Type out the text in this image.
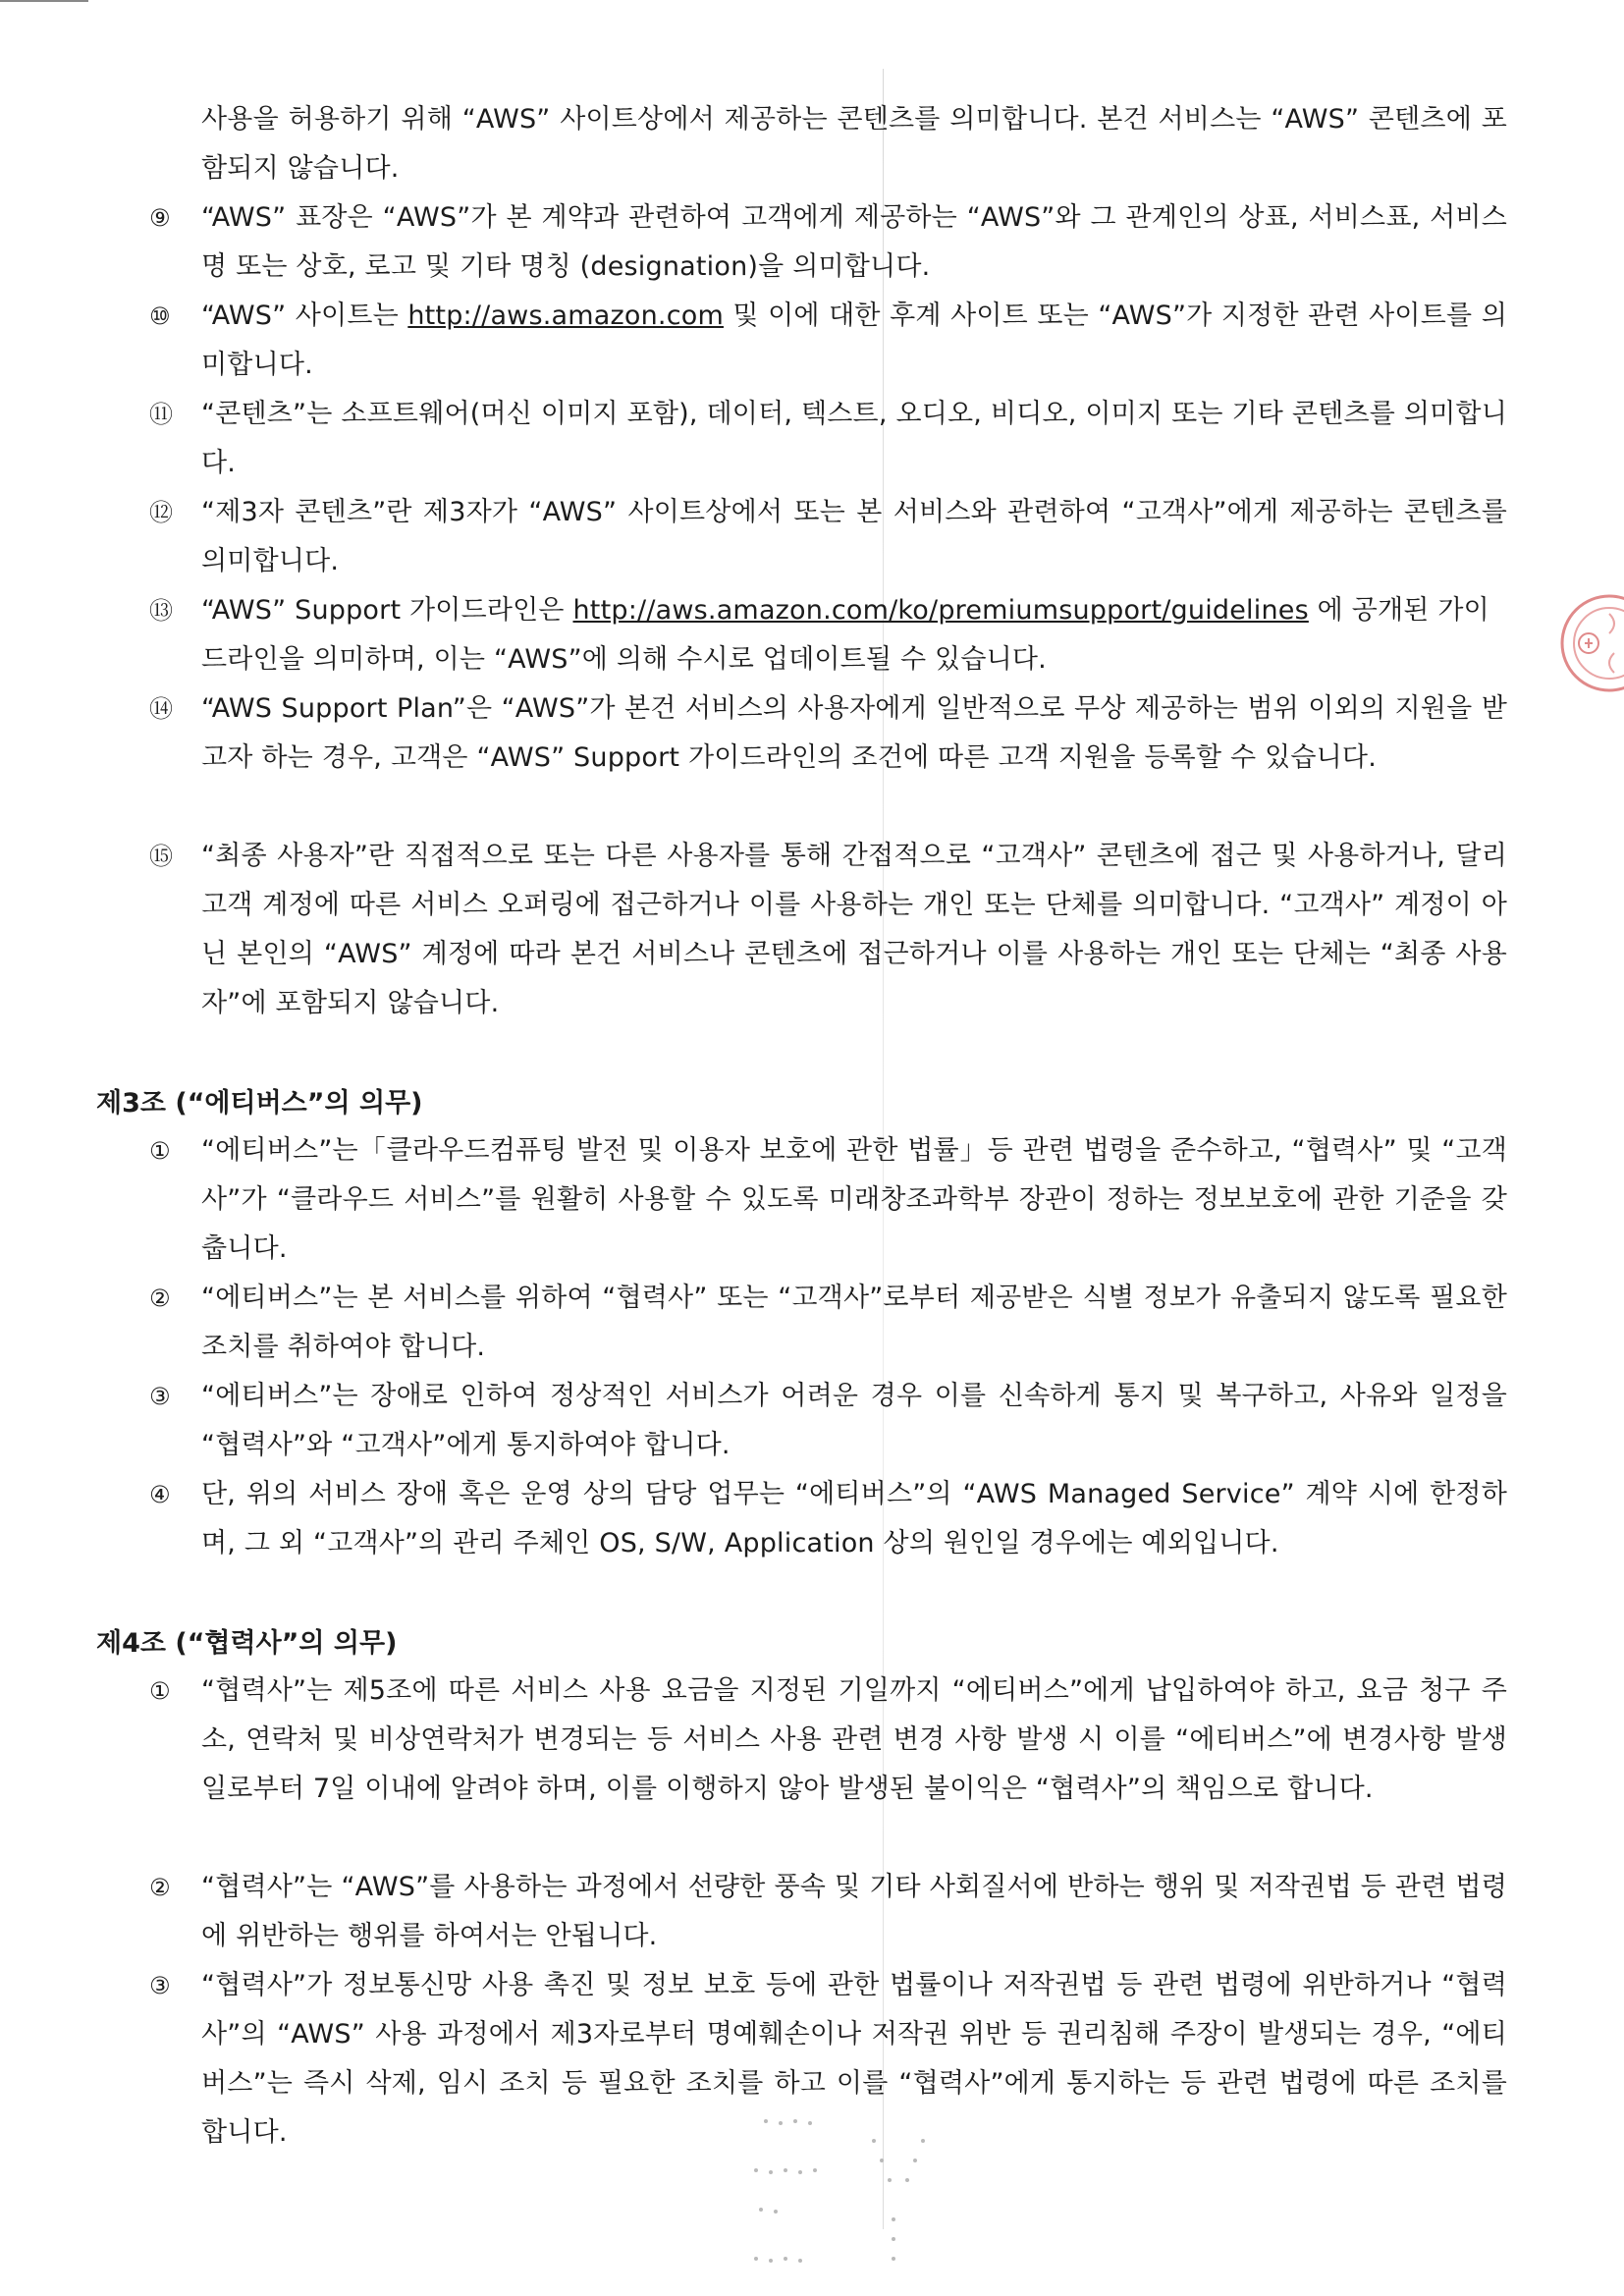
사용을 허용하기 위해 “AWS” 사이트상에서 제공하는 콘텐츠를 의미합니다. 본건 서비스는 “AWS” 콘텐츠에 포함되지 않습니다.
⑨ “AWS” 표장은 “AWS”가 본 계약과 관련하여 고객에게 제공하는 “AWS”와 그 관계인의 상표, 서비스표, 서비스명 또는 상호, 로고 및 기타 명칭 (designation)을 의미합니다.
⑩ “AWS” 사이트는 http://aws.amazon.com 및 이에 대한 후계 사이트 또는 “AWS”가 지정한 관련 사이트를 의미합니다.
⑪ “콘텐츠”는 소프트웨어(머신 이미지 포함), 데이터, 텍스트, 오디오, 비디오, 이미지 또는 기타 콘텐츠를 의미합니다.
⑫ “제3자 콘텐츠”란 제3자가 “AWS” 사이트상에서 또는 본 서비스와 관련하여 “고객사”에게 제공하는 콘텐츠를 의미합니다.
⑬ “AWS” Support 가이드라인은 http://aws.amazon.com/ko/premiumsupport/guidelines 에 공개된 가이드라인을 의미하며, 이는 “AWS”에 의해 수시로 업데이트될 수 있습니다.
⑭ “AWS Support Plan”은 “AWS”가 본건 서비스의 사용자에게 일반적으로 무상 제공하는 범위 이외의 지원을 받고자 하는 경우, 고객은 “AWS” Support 가이드라인의 조건에 따른 고객 지원을 등록할 수 있습니다.
⑮ “최종 사용자”란 직접적으로 또는 다른 사용자를 통해 간접적으로 “고객사” 콘텐츠에 접근 및 사용하거나, 달리 고객 계정에 따른 서비스 오퍼링에 접근하거나 이를 사용하는 개인 또는 단체를 의미합니다. “고객사” 계정이 아닌 본인의 “AWS” 계정에 따라 본건 서비스나 콘텐츠에 접근하거나 이를 사용하는 개인 또는 단체는 “최종 사용자”에 포함되지 않습니다.
제3조 (“에티버스”의 의무)
① “에티버스”는「클라우드컴퓨팅 발전 및 이용자 보호에 관한 법률」등 관련 법령을 준수하고, “협력사” 및 “고객사”가 “클라우드 서비스”를 원활히 사용할 수 있도록 미래창조과학부 장관이 정하는 정보보호에 관한 기준을 갖춥니다.
② “에티버스”는 본 서비스를 위하여 “협력사” 또는 “고객사”로부터 제공받은 식별 정보가 유출되지 않도록 필요한 조치를 취하여야 합니다.
③ “에티버스”는 장애로 인하여 정상적인 서비스가 어려운 경우 이를 신속하게 통지 및 복구하고, 사유와 일정을 “협력사”와 “고객사”에게 통지하여야 합니다.
④ 단, 위의 서비스 장애 혹은 운영 상의 담당 업무는 “에티버스”의 “AWS Managed Service” 계약 시에 한정하며, 그 외 “고객사”의 관리 주체인 OS, S/W, Application 상의 원인일 경우에는 예외입니다.
제4조 (“협력사”의 의무)
① “협력사”는 제5조에 따른 서비스 사용 요금을 지정된 기일까지 “에티버스”에게 납입하여야 하고, 요금 청구 주소, 연락처 및 비상연락처가 변경되는 등 서비스 사용 관련 변경 사항 발생 시 이를 “에티버스”에 변경사항 발생일로부터 7일 이내에 알려야 하며, 이를 이행하지 않아 발생된 불이익은 “협력사”의 책임으로 합니다.
② “협력사”는 “AWS”를 사용하는 과정에서 선량한 풍속 및 기타 사회질서에 반하는 행위 및 저작권법 등 관련 법령에 위반하는 행위를 하여서는 안됩니다.
③ “협력사”가 정보통신망 사용 촉진 및 정보 보호 등에 관한 법률이나 저작권법 등 관련 법령에 위반하거나 “협력사”의 “AWS” 사용 과정에서 제3자로부터 명예훼손이나 저작권 위반 등 권리침해 주장이 발생되는 경우, “에티버스”는 즉시 삭제, 임시 조치 등 필요한 조치를 하고 이를 “협력사”에게 통지하는 등 관련 법령에 따른 조치를 합니다.
